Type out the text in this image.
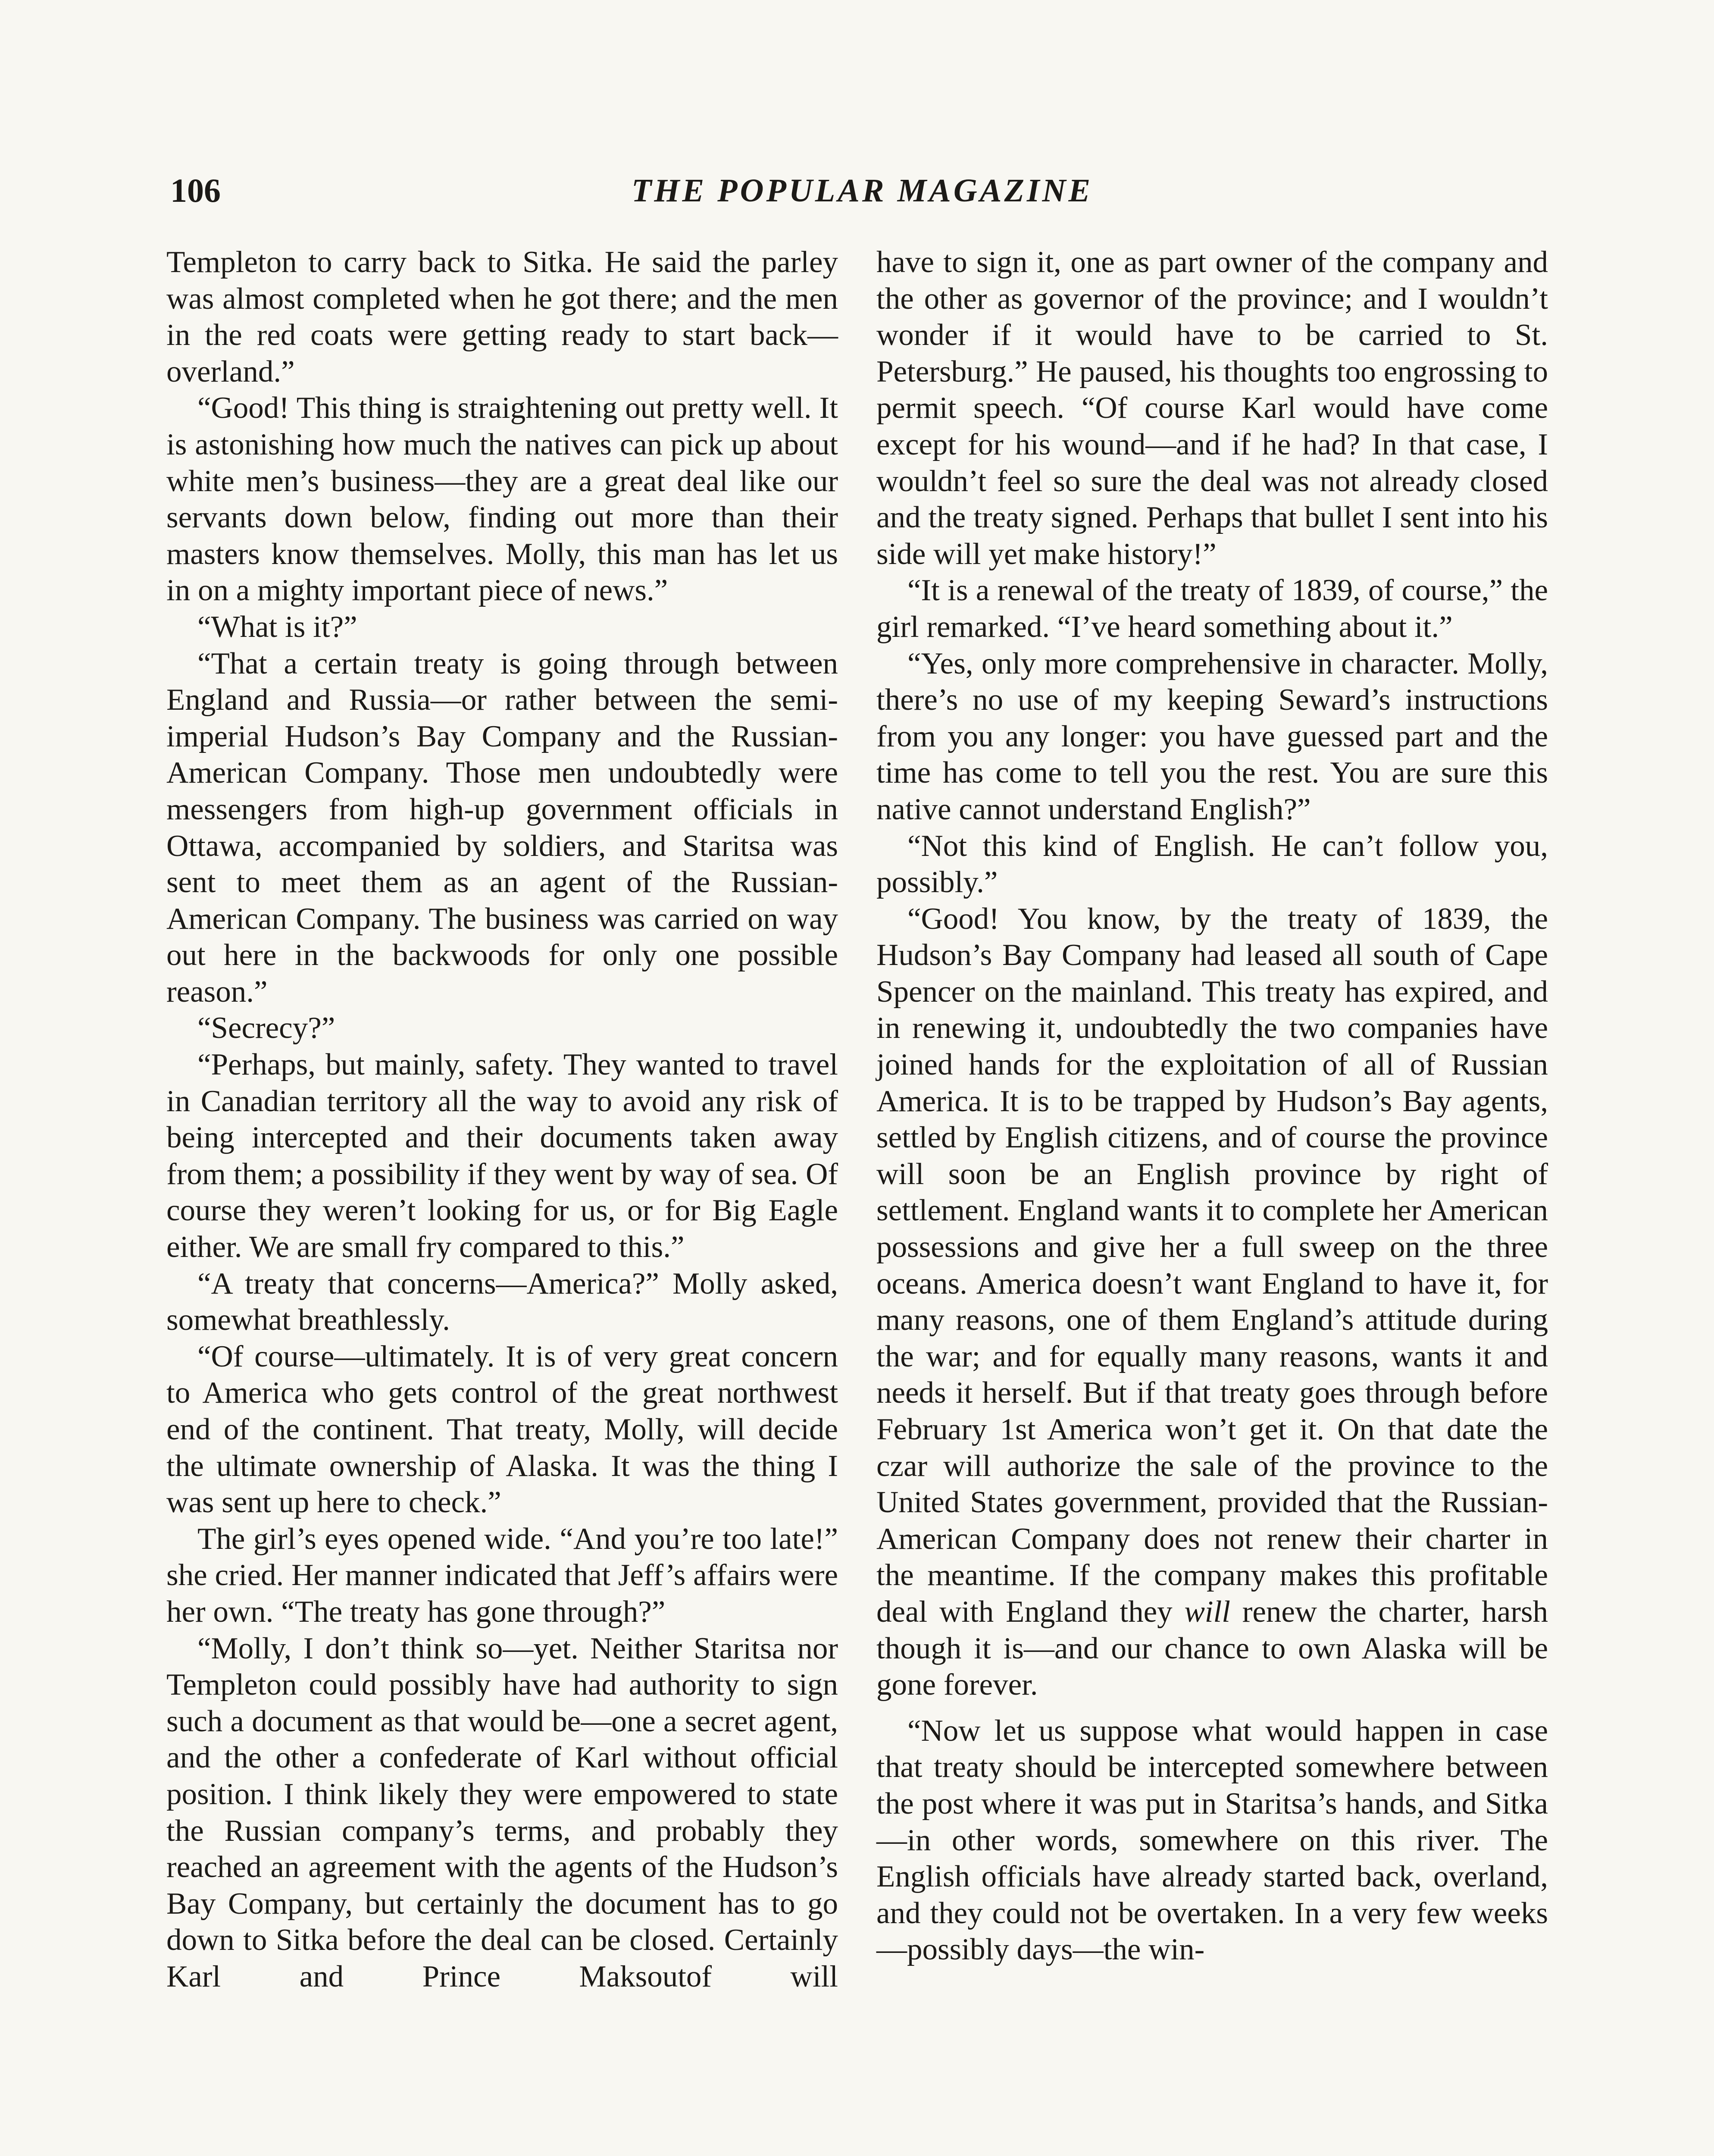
106	THE POPULAR MAGAZINE

Templeton to carry back to Sitka. He said the parley was almost completed when he got there; and the men in the red coats were getting ready to start back—overland.”

“Good! This thing is straightening out pretty well. It is astonishing how much the natives can pick up about white men’s business—they are a great deal like our servants down below, finding out more than their masters know themselves. Molly, this man has let us in on a mighty important piece of news.”

“What is it?”

“That a certain treaty is going through between England and Russia—or rather between the semi-imperial Hudson’s Bay Company and the Russian-American Company. Those men undoubtedly were messengers from high-up government officials in Ottawa, accompanied by soldiers, and Staritsa was sent to meet them as an agent of the Russian-American Company. The business was carried on way out here in the backwoods for only one possible reason.”

“Secrecy?”

“Perhaps, but mainly, safety. They wanted to travel in Canadian territory all the way to avoid any risk of being intercepted and their documents taken away from them; a possibility if they went by way of sea. Of course they weren’t looking for us, or for Big Eagle either. We are small fry compared to this.”

“A treaty that concerns—America?” Molly asked, somewhat breathlessly.

“Of course—ultimately. It is of very great concern to America who gets control of the great northwest end of the continent. That treaty, Molly, will decide the ultimate ownership of Alaska. It was the thing I was sent up here to check.”

The girl’s eyes opened wide. “And you’re too late!” she cried. Her manner indicated that Jeff’s affairs were her own. “The treaty has gone through?”

“Molly, I don’t think so—yet. Neither Staritsa nor Templeton could possibly have had authority to sign such a document as that would be—one a secret agent, and the other a confederate of Karl without official position. I think likely they were empowered to state the Russian company’s terms, and probably they reached an agreement with the agents of the Hudson’s Bay Company, but certainly the document has to go down to Sitka before the deal can be closed. Certainly Karl and Prince Maksoutof will

have to sign it, one as part owner of the company and the other as governor of the province; and I wouldn’t wonder if it would have to be carried to St. Petersburg.” He paused, his thoughts too engrossing to permit speech. “Of course Karl would have come except for his wound—and if he had? In that case, I wouldn’t feel so sure the deal was not already closed and the treaty signed. Perhaps that bullet I sent into his side will yet make history!”

“It is a renewal of the treaty of 1839, of course,” the girl remarked. “I’ve heard something about it.”

“Yes, only more comprehensive in character. Molly, there’s no use of my keeping Seward’s instructions from you any longer: you have guessed part and the time has come to tell you the rest. You are sure this native cannot understand English?”

“Not this kind of English. He can’t follow you, possibly.”

“Good! You know, by the treaty of 1839, the Hudson’s Bay Company had leased all south of Cape Spencer on the mainland. This treaty has expired, and in renewing it, undoubtedly the two companies have joined hands for the exploitation of all of Russian America. It is to be trapped by Hudson’s Bay agents, settled by English citizens, and of course the province will soon be an English province by right of settlement. England wants it to complete her American possessions and give her a full sweep on the three oceans. America doesn’t want England to have it, for many reasons, one of them England’s attitude during the war; and for equally many reasons, wants it and needs it herself. But if that treaty goes through before February 1st America won’t get it. On that date the czar will authorize the sale of the province to the United States government, provided that the Russian-American Company does not renew their charter in the meantime. If the company makes this profitable deal with England they will renew the charter, harsh though it is—and our chance to own Alaska will be gone forever.

“Now let us suppose what would happen in case that treaty should be intercepted somewhere between the post where it was put in Staritsa’s hands, and Sitka—in other words, somewhere on this river. The English officials have already started back, overland, and they could not be overtaken. In a very few weeks—possibly days—the win-
